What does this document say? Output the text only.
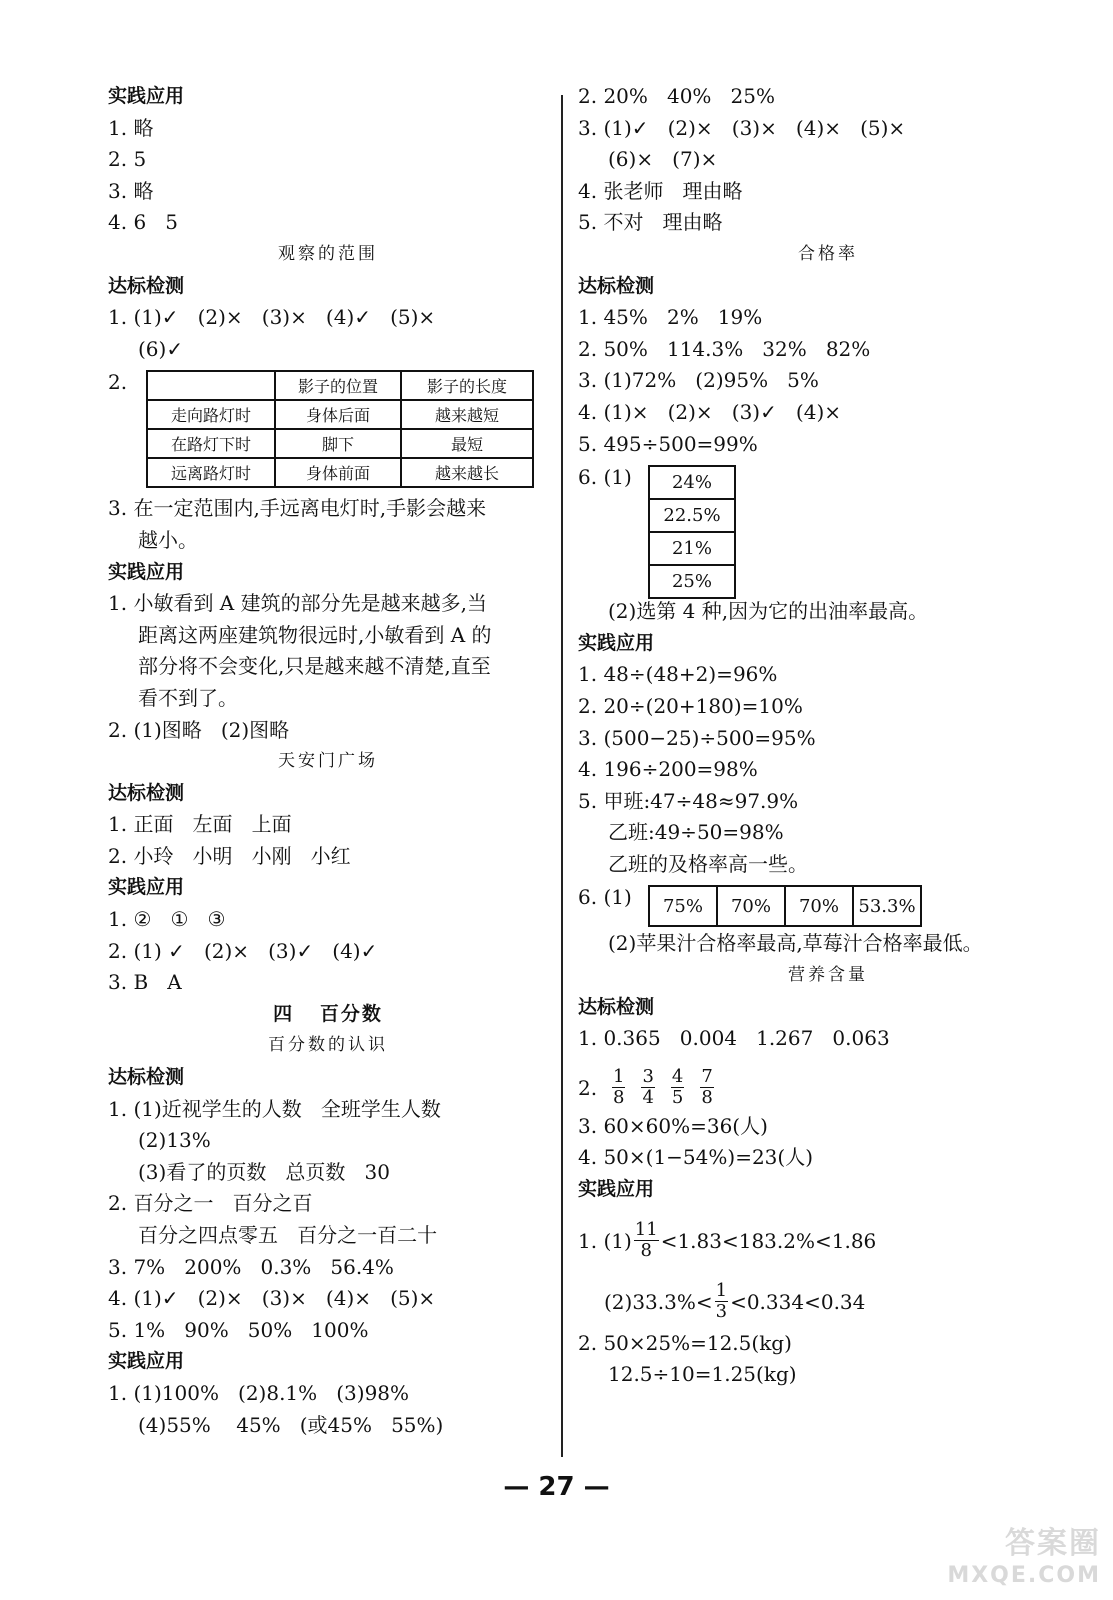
实践应用
1. 略
2. 5
3. 略
4. 6   5
观察的范围
达标检测
1. (1)✓   (2)×   (3)×   (4)✓   (5)×
(6)✓
2.
		影子的位置	影子的长度
走向路灯时	身体后面	越来越短
在路灯下时	脚下	最短
远离路灯时	身体前面	越来越长
3. 在一定范围内,手远离电灯时,手影会越来
越小。
实践应用
1. 小敏看到 A 建筑的部分先是越来越多,当
距离这两座建筑物很远时,小敏看到 A 的
部分将不会变化,只是越来越不清楚,直至
看不到了。
2. (1)图略   (2)图略
天安门广场
达标检测
1. 正面   左面   上面
2. 小玲   小明   小刚   小红
实践应用
1. ②   ①   ③
2. (1) ✓   (2)×   (3)✓   (4)✓
3. B   A
四   百分数
百分数的认识
达标检测
1. (1)近视学生的人数   全班学生人数
(2)13%
(3)看了的页数   总页数   30
2. 百分之一   百分之百
百分之四点零五   百分之一百二十
3. 7%   200%   0.3%   56.4%
4. (1)✓   (2)×   (3)×   (4)×   (5)×
5. 1%   90%   50%   100%
实践应用
1. (1)100%   (2)8.1%   (3)98%
(4)55%    45%   (或45%   55%)
2. 20%   40%   25%
3. (1)✓   (2)×   (3)×   (4)×   (5)×
(6)×   (7)×
4. 张老师   理由略
5. 不对   理由略
合格率
达标检测
1. 45%   2%   19%
2. 50%   114.3%   32%   82%
3. (1)72%   (2)95%   5%
4. (1)×   (2)×   (3)✓   (4)×
5. 495÷500=99%
6. (1)	24%
22.5%
21%
25%
(2)选第 4 种,因为它的出油率最高。
实践应用
1. 48÷(48+2)=96%
2. 20÷(20+180)=10%
3. (500−25)÷500=95%
4. 196÷200=98%
5. 甲班:47÷48≈97.9%
乙班:49÷50=98%
乙班的及格率高一些。
6. (1)	75%	70%	70%	53.3%
(2)苹果汁合格率最高,草莓汁合格率最低。
营养含量
达标检测
1. 0.365   0.004   1.267   0.063
2. $\frac{1}{8} \frac{3}{4} \frac{4}{5} \frac{7}{8}$
3. 60×60%=36(人)
4. 50×(1−54%)=23(人)
实践应用
1. $(1) \frac{11}{8} <1.83<183.2\%<1.86$
$(2)33.3\%< \frac{1}{3} <0.334<0.34$
2. 50×25%=12.5(kg)
12.5÷10=1.25(kg)
— 27 —
答案圈
MXQE.COM
